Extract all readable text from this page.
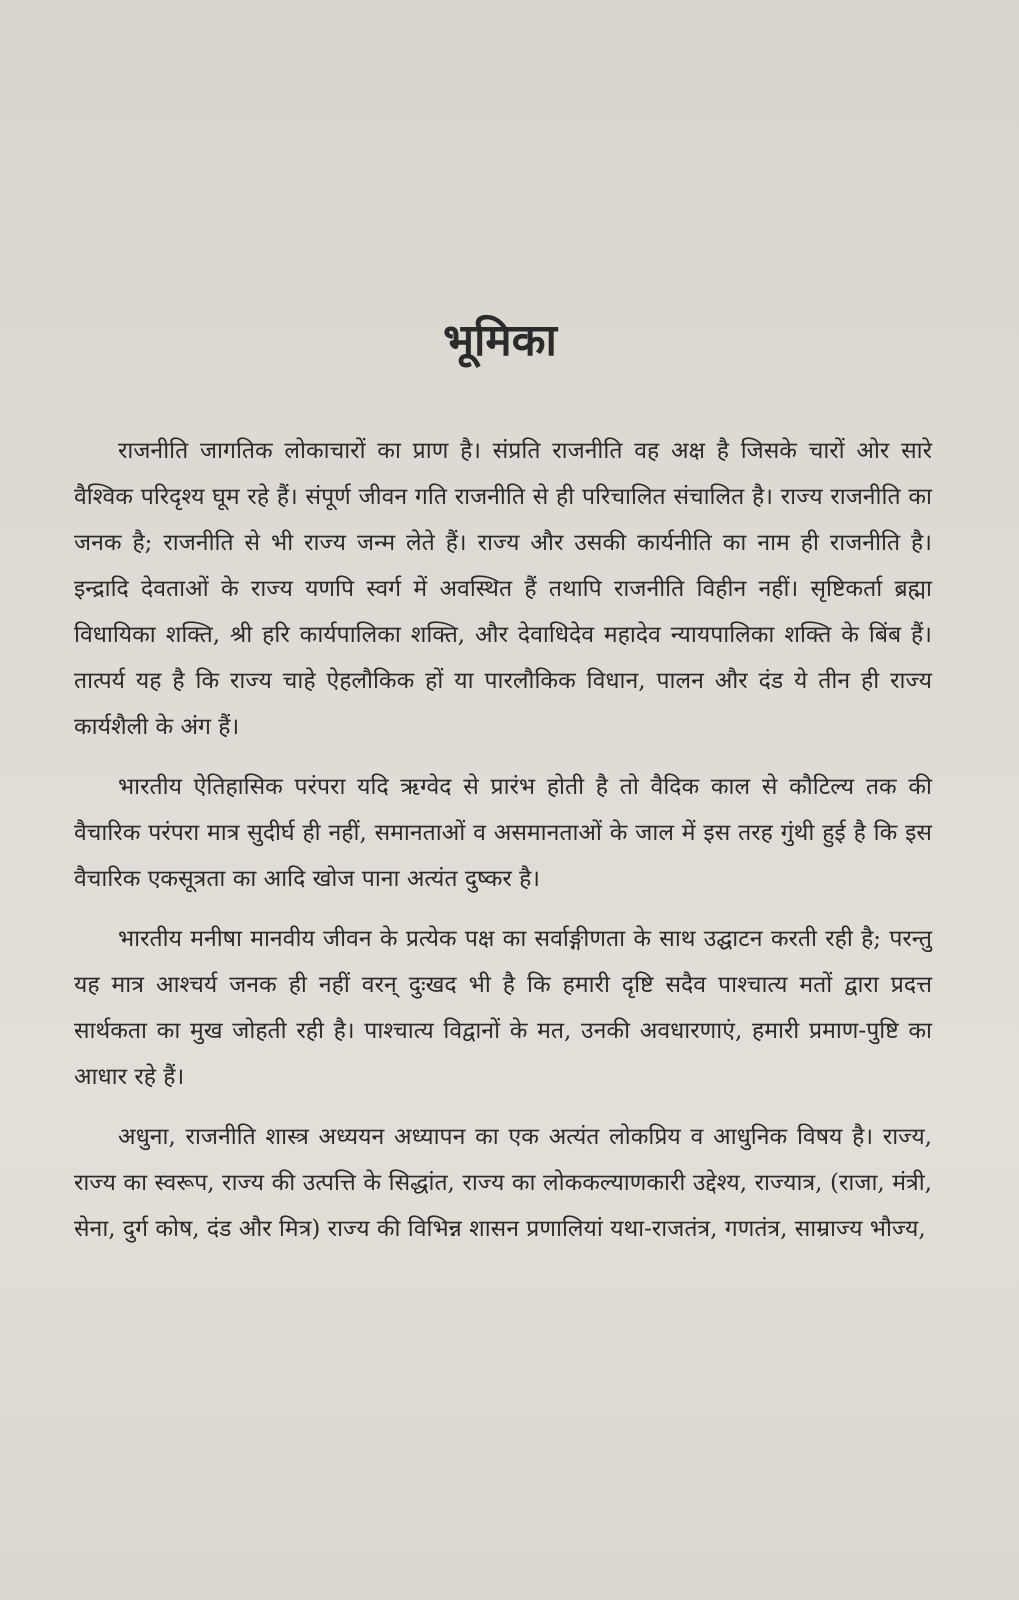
भूमिका

राजनीति जागतिक लोकाचारों का प्राण है। संप्रति राजनीति वह अक्ष है जिसके चारों ओर सारे वैश्विक परिदृश्य घूम रहे हैं। संपूर्ण जीवन गति राजनीति से ही परिचालित संचालित है। राज्य राजनीति का जनक है; राजनीति से भी राज्य जन्म लेते हैं। राज्य और उसकी कार्यनीति का नाम ही राजनीति है। इन्द्रादि देवताओं के राज्य यणपि स्वर्ग में अवस्थित हैं तथापि राजनीति विहीन नहीं। सृष्टिकर्ता ब्रह्मा विधायिका शक्ति, श्री हरि कार्यपालिका शक्ति, और देवाधिदेव महादेव न्यायपालिका शक्ति के बिंब हैं। तात्पर्य यह है कि राज्य चाहे ऐहलौकिक हों या पारलौकिक विधान, पालन और दंड ये तीन ही राज्य कार्यशैली के अंग हैं।

भारतीय ऐतिहासिक परंपरा यदि ऋग्वेद से प्रारंभ होती है तो वैदिक काल से कौटिल्य तक की वैचारिक परंपरा मात्र सुदीर्घ ही नहीं, समानताओं व असमानताओं के जाल में इस तरह गुंथी हुई है कि इस वैचारिक एकसूत्रता का आदि खोज पाना अत्यंत दुष्कर है।

भारतीय मनीषा मानवीय जीवन के प्रत्येक पक्ष का सर्वाङ्गीणता के साथ उद्घाटन करती रही है; परन्तु यह मात्र आश्चर्य जनक ही नहीं वरन् दुःखद भी है कि हमारी दृष्टि सदैव पाश्चात्य मतों द्वारा प्रदत्त सार्थकता का मुख जोहती रही है। पाश्चात्य विद्वानों के मत, उनकी अवधारणाएं, हमारी प्रमाण-पुष्टि का आधार रहे हैं।

अधुना, राजनीति शास्त्र अध्ययन अध्यापन का एक अत्यंत लोकप्रिय व आधुनिक विषय है। राज्य, राज्य का स्वरूप, राज्य की उत्पत्ति के सिद्धांत, राज्य का लोककल्याणकारी उद्देश्य, राज्यात्र, (राजा, मंत्री, सेना, दुर्ग कोष, दंड और मित्र) राज्य की विभिन्न शासन प्रणालियां यथा-राजतंत्र, गणतंत्र, साम्राज्य भौज्य,
